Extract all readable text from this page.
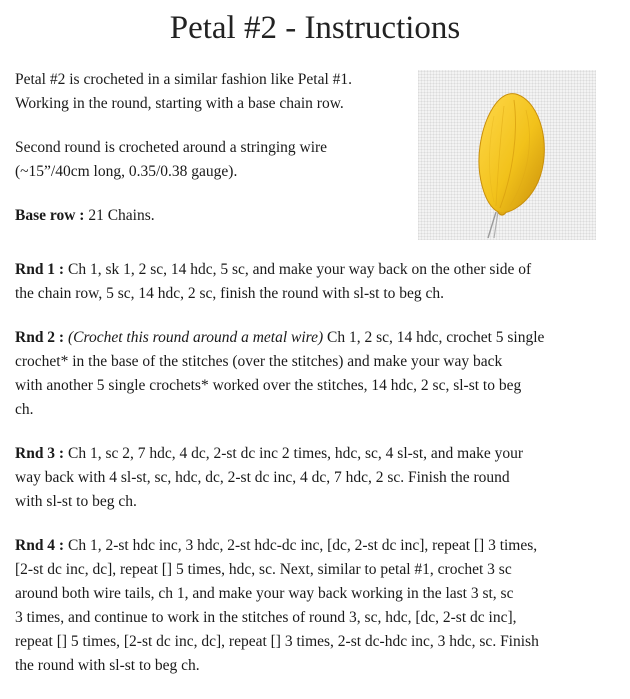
Petal #2 - Instructions

Petal #2 is crocheted in a similar fashion like Petal #1.

Working in the round, starting with a base chain row.

Second round is crocheted around a stringing wire

(~15”/40cm long, 0.35/0.38 gauge).

Base row : 21 Chains.

Rnd 1 : Ch 1, sk 1, 2 sc, 14 hdc, 5 sc, and make your way back on the other side of

the chain row, 5 sc, 14 hdc, 2 sc, finish the round with sl-st to beg ch.

Rnd 2 : (Crochet this round around a metal wire) Ch 1, 2 sc, 14 hdc, crochet 5 single

crochet* in the base of the stitches (over the stitches) and make your way back

with another 5 single crochets* worked over the stitches, 14 hdc, 2 sc, sl-st to beg

ch.

Rnd 3 : Ch 1, sc 2, 7 hdc, 4 dc, 2-st dc inc 2 times, hdc, sc, 4 sl-st, and make your

way back with 4 sl-st, sc, hdc, dc, 2-st dc inc, 4 dc, 7 hdc, 2 sc. Finish the round

with sl-st to beg ch.

Rnd 4 : Ch 1, 2-st hdc inc, 3 hdc, 2-st hdc-dc inc, [dc, 2-st dc inc], repeat [] 3 times,

[2-st dc inc, dc], repeat [] 5 times, hdc, sc. Next, similar to petal #1, crochet 3 sc

around both wire tails, ch 1, and make your way back working in the last 3 st, sc

3 times, and continue to work in the stitches of round 3, sc, hdc, [dc, 2-st dc inc],

repeat [] 5 times, [2-st dc inc, dc], repeat [] 3 times, 2-st dc-hdc inc, 3 hdc, sc. Finish

the round with sl-st to beg ch.
